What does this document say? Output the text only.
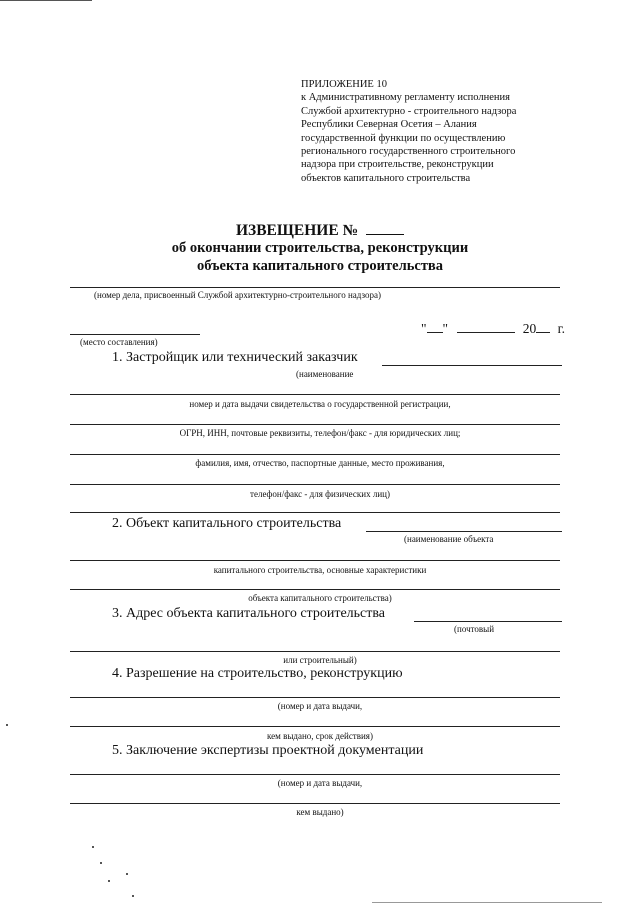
ПРИЛОЖЕНИЕ 10
к Административному регламенту исполнения
Службой архитектурно - строительного надзора
Республики Северная Осетия – Алания
государственной функции по осуществлению
регионального государственного строительного
надзора при строительстве, реконструкции
объектов капитального строительства
ИЗВЕЩЕНИЕ №
об окончании строительства, реконструкции
объекта капитального строительства
(номер дела, присвоенный Службой архитектурно-строительного надзора)
(место составления)
" "	20 г.
1. Застройщик или технический заказчик
(наименование
номер и дата выдачи свидетельства о государственной регистрации,
ОГРН, ИНН, почтовые реквизиты, телефон/факс - для юридических лиц;
фамилия, имя, отчество, паспортные данные, место проживания,
телефон/факс - для физических лиц)
2. Объект капитального строительства
(наименование объекта
капитального строительства, основные характеристики
объекта капитального строительства)
3. Адрес объекта капитального строительства
(почтовый
или строительный)
4. Разрешение на строительство, реконструкцию
(номер и дата выдачи,
кем выдано, срок действия)
5. Заключение экспертизы проектной документации
(номер и дата выдачи,
кем выдано)
